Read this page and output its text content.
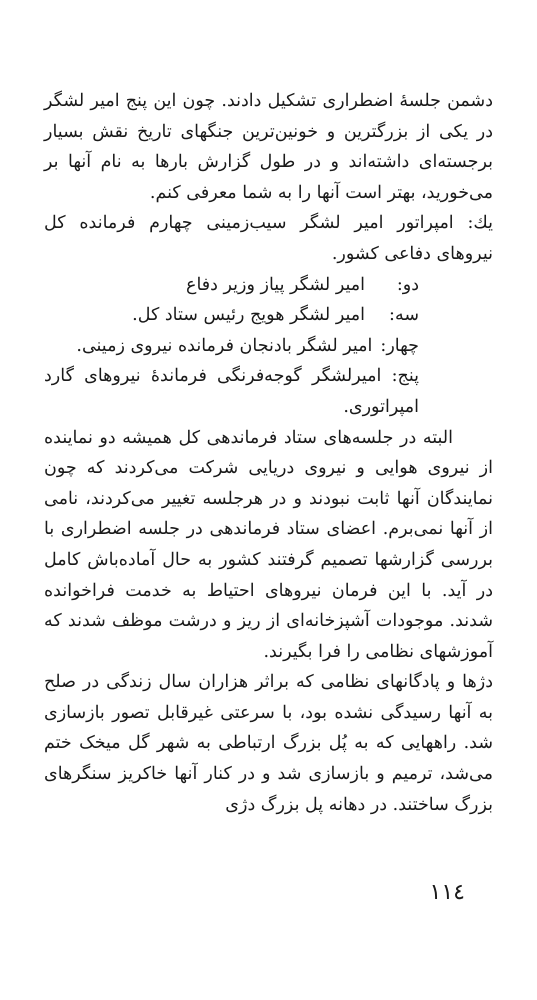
دشمن جلسهٔ اضطراری تشکیل دادند. چون این پنج امیر لشگر در یکی از بزرگترین و خونین‌ترین جنگهای تاریخ نقش بسیار برجسته‌ای داشته‌اند و در طول گزارش بارها به نام آنها بر می‌خورید، بهتر است آنها را به شما معرفی کنم.

یك: امپراتور امیر لشگر سیب‌زمینی چهارم فرمانده کل نیروهای دفاعی کشور.

دو:
امیر لشگر پیاز وزیر دفاع

سه:
امیر لشگر هویج رئیس ستاد کل.

چهار:
امیر لشگر بادنجان فرمانده نیروی زمینی.

پنج: امیرلشگر گوجه‌فرنگی فرماندهٔ نیروهای گارد امپراتوری.

البته در جلسه‌های ستاد فرماندهی کل همیشه دو نماینده از نیروی هوایی و نیروی دریایی شرکت می‌کردند که چون نمایندگان آنها ثابت نبودند و در هرجلسه تغییر می‌کردند، نامی از آنها نمی‌برم. اعضای ستاد فرماندهی در جلسه اضطراری با بررسی گزارشها تصمیم گرفتند کشور به حال آماده‌باش کامل در آید. با این فرمان نیروهای احتیاط به خدمت فراخوانده شدند. موجودات آشپزخانه‌ای از ریز و درشت موظف شدند که آموزشهای نظامی را فرا بگیرند.

دژها و پادگانهای نظامی که براثر هزاران سال زندگی در صلح به آنها رسیدگی نشده بود، با سرعتی غیرقابل تصور بازسازی شد. راههایی که به پُل بزرگ ارتباطی به شهر گل میخک ختم می‌شد، ترمیم و بازسازی شد و در کنار آنها خاکریز سنگرهای بزرگ ساختند. در دهانه پل بزرگ دژی

١١٤
